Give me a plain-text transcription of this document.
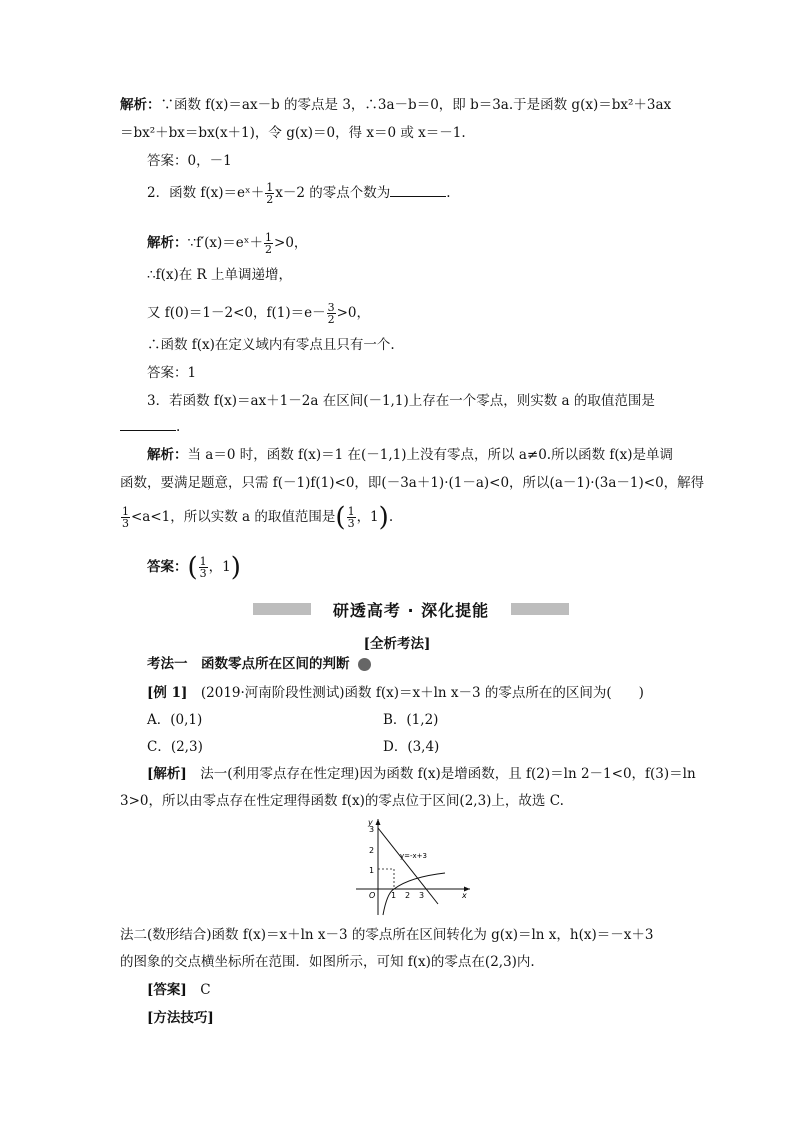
解析：∵函数 f(x)＝ax－b 的零点是 3，∴3a－b＝0，即 b＝3a.于是函数 g(x)＝bx²＋3ax
＝bx²＋bx＝bx(x＋1)，令 g(x)＝0，得 x＝0 或 x＝－1.
答案：0，－1
2．函数 f(x)＝eˣ＋ $\frac{1}{2} x-2$ 的零点个数为	.
解析：∵f′(x)＝eˣ＋ $\frac{1}{2} >0$，
∴f(x)在 R 上单调递增，
又 f(0)＝1－2<0，$f(1)=e- \frac{3}{2} >0$，
∴函数 f(x)在定义域内有零点且只有一个.
答案：1
3．若函数 f(x)＝ax＋1－2a 在区间(－1,1)上存在一个零点，则实数 a 的取值范围是
.
解析：当 a＝0 时，函数 f(x)＝1 在(－1,1)上没有零点，所以 a≠0.所以函数 f(x)是单调
函数，要满足题意，只需 f(－1)f(1)<0，即(－3a＋1)·(1－a)<0，所以(a－1)·(3a－1)<0，解得
$\frac{1}{3} <a<1$，所以实数 a 的取值范围是( $\frac{1}{3}$ ，1).
答案：( $\frac{1}{3}$ ，1)
研透高考 · 深化提能
[全析考法]
考法一　函数零点所在区间的判断
[例 1]　 (2019·河南阶段性测试)函数 f(x)＝x＋ln x－3 的零点所在的区间为(　　)
A．(0,1)	B．(1,2)
C．(2,3)	D．(3,4)
[解析]　 法一(利用零点存在性定理)因为函数 f(x)是增函数，且 f(2)＝ln 2－1<0，f(3)＝ln
3>0，所以由零点存在性定理得函数 f(x)的零点位于区间(2,3)上，故选 C.
y
x
O
3
2
1
1 2 3
y=-x+3
法二(数形结合)函数 f(x)＝x＋ln x－3 的零点所在区间转化为 g(x)＝ln x，h(x)＝－x＋3
的图象的交点横坐标所在范围．如图所示，可知 f(x)的零点在(2,3)内.
[答案]　 C
[方法技巧]
